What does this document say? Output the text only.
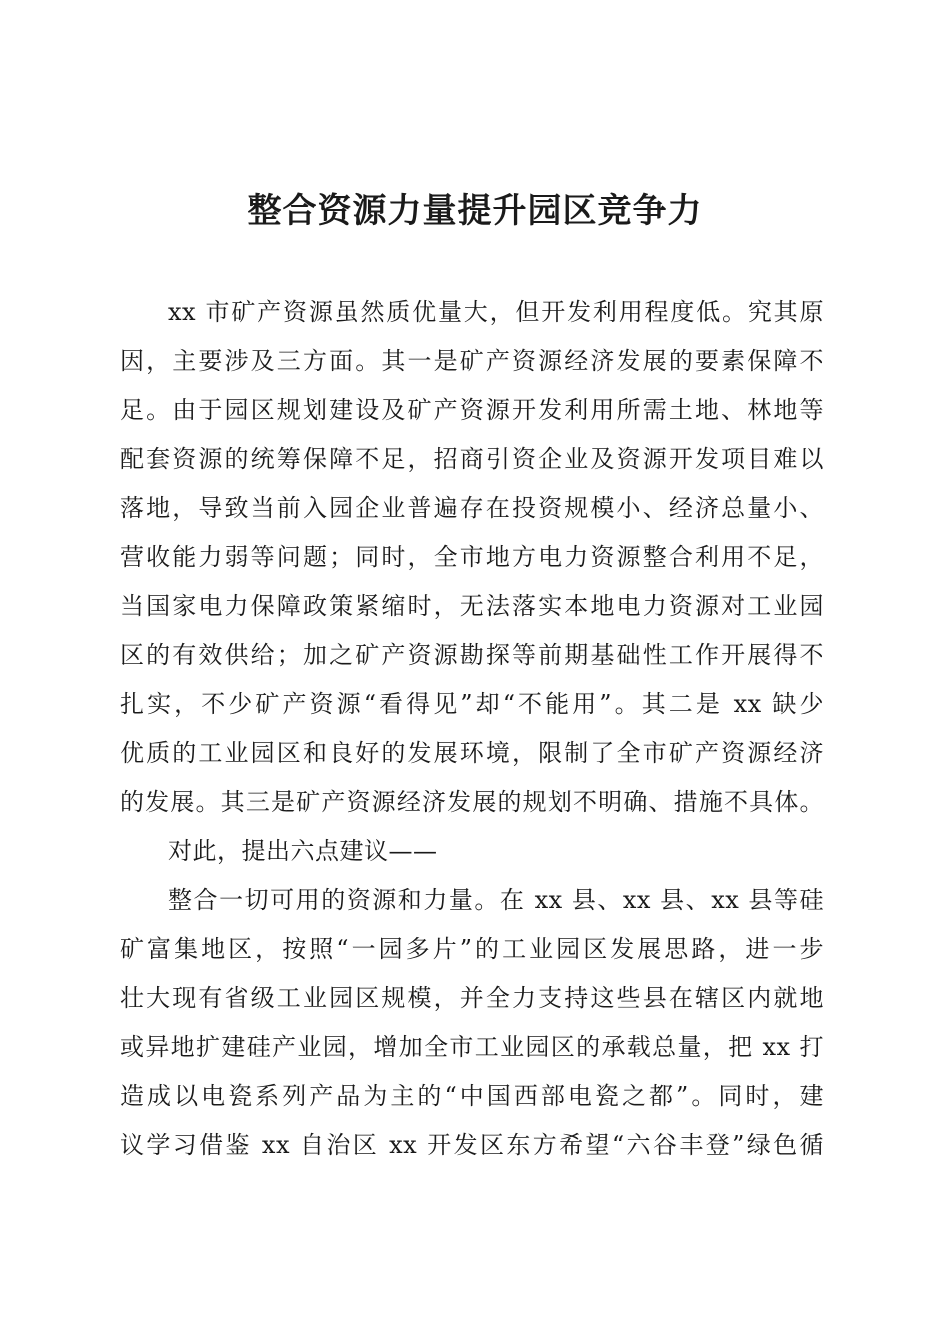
整合资源力量提升园区竞争力
xx 市矿产资源虽然质优量大，但开发利用程度低。究其原
因，主要涉及三方面。其一是矿产资源经济发展的要素保障不
足。由于园区规划建设及矿产资源开发利用所需土地、林地等
配套资源的统筹保障不足，招商引资企业及资源开发项目难以
落地，导致当前入园企业普遍存在投资规模小、经济总量小、
营收能力弱等问题；同时，全市地方电力资源整合利用不足，
当国家电力保障政策紧缩时，无法落实本地电力资源对工业园
区的有效供给；加之矿产资源勘探等前期基础性工作开展得不
扎实，不少矿产资源“看得见”却“不能用”。其二是 xx 缺少
优质的工业园区和良好的发展环境，限制了全市矿产资源经济
的发展。其三是矿产资源经济发展的规划不明确、措施不具体。
对此，提出六点建议——
整合一切可用的资源和力量。在 xx 县、xx 县、xx 县等硅
矿富集地区，按照“一园多片”的工业园区发展思路，进一步
壮大现有省级工业园区规模，并全力支持这些县在辖区内就地
或异地扩建硅产业园，增加全市工业园区的承载总量，把 xx 打
造成以电瓷系列产品为主的“中国西部电瓷之都”。同时，建
议学习借鉴 xx 自治区 xx 开发区东方希望“六谷丰登”绿色循
